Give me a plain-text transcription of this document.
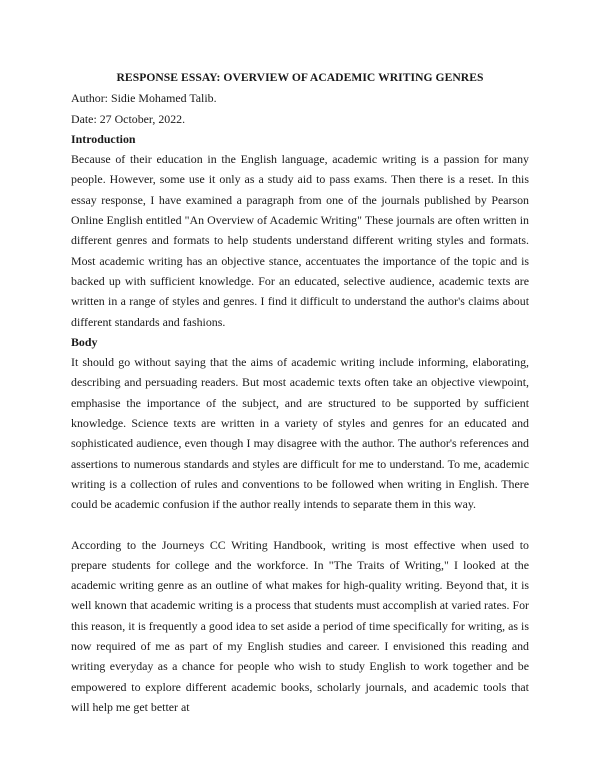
RESPONSE ESSAY: OVERVIEW OF ACADEMIC WRITING GENRES

Author: Sidie Mohamed Talib.

Date: 27 October, 2022.

Introduction

Because of their education in the English language, academic writing is a passion for many people. However, some use it only as a study aid to pass exams. Then there is a reset. In this essay response, I have examined a paragraph from one of the journals published by Pearson Online English entitled "An Overview of Academic Writing" These journals are often written in different genres and formats to help students understand different writing styles and formats. Most academic writing has an objective stance, accentuates the importance of the topic and is backed up with sufficient knowledge. For an educated, selective audience, academic texts are written in a range of styles and genres. I find it difficult to understand the author's claims about different standards and fashions.

Body

It should go without saying that the aims of academic writing include informing, elaborating, describing and persuading readers. But most academic texts often take an objective viewpoint, emphasise the importance of the subject, and are structured to be supported by sufficient knowledge. Science texts are written in a variety of styles and genres for an educated and sophisticated audience, even though I may disagree with the author. The author's references and assertions to numerous standards and styles are difficult for me to understand. To me, academic writing is a collection of rules and conventions to be followed when writing in English. There could be academic confusion if the author really intends to separate them in this way.

According to the Journeys CC Writing Handbook, writing is most effective when used to prepare students for college and the workforce. In "The Traits of Writing," I looked at the academic writing genre as an outline of what makes for high-quality writing. Beyond that, it is well known that academic writing is a process that students must accomplish at varied rates. For this reason, it is frequently a good idea to set aside a period of time specifically for writing, as is now required of me as part of my English studies and career. I envisioned this reading and writing everyday as a chance for people who wish to study English to work together and be empowered to explore different academic books, scholarly journals, and academic tools that will help me get better at
